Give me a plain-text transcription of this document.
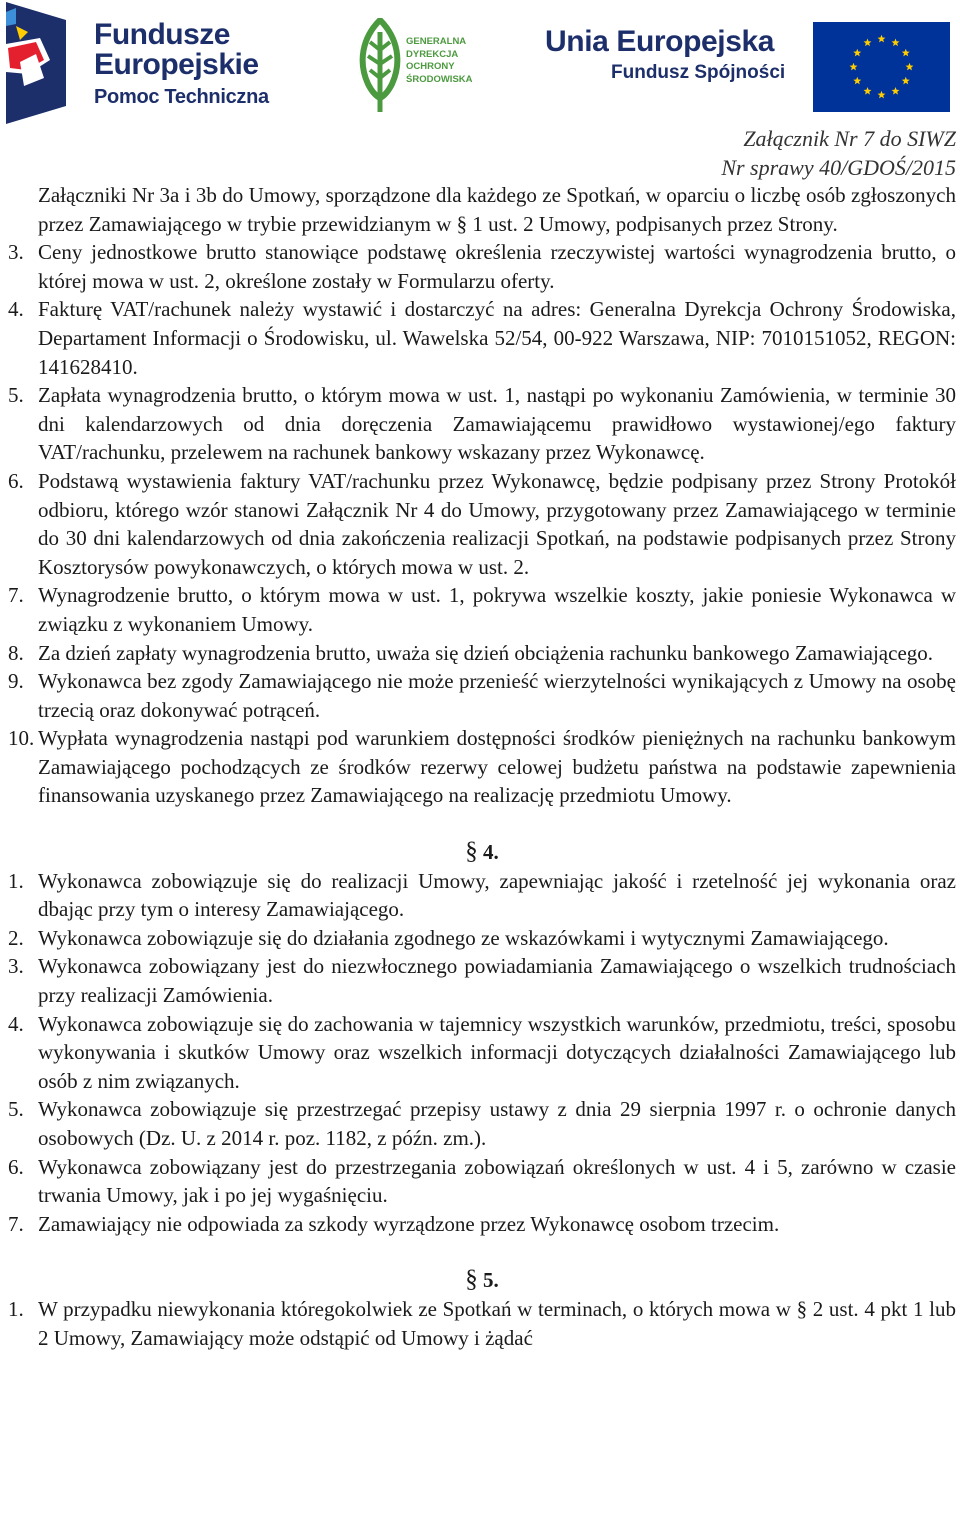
Fundusze
Europejskie
Pomoc Techniczna
GENERALNA
DYREKCJA
OCHRONY
ŚRODOWISKA
Unia Europejska
Fundusz Spójności
Załącznik Nr 7 do SIWZ
Nr sprawy 40/GDOŚ/2015
Załączniki Nr 3a i 3b do Umowy, sporządzone dla każdego ze Spotkań, w oparciu o liczbę osób zgłoszonych przez Zamawiającego w trybie przewidzianym w § 1 ust. 2 Umowy, podpisanych przez Strony.
3. Ceny jednostkowe brutto stanowiące podstawę określenia rzeczywistej wartości wynagrodzenia brutto, o której mowa w ust. 2, określone zostały w Formularzu oferty.
4. Fakturę VAT/rachunek należy wystawić i dostarczyć na adres: Generalna Dyrekcja Ochrony Środowiska, Departament Informacji o Środowisku, ul. Wawelska 52/54, 00-922 Warszawa, NIP: 7010151052, REGON: 141628410.
5. Zapłata wynagrodzenia brutto, o którym mowa w ust. 1, nastąpi po wykonaniu Zamówienia, w terminie 30 dni kalendarzowych od dnia doręczenia Zamawiającemu prawidłowo wystawionej/ego faktury VAT/rachunku, przelewem na rachunek bankowy wskazany przez Wykonawcę.
6. Podstawą wystawienia faktury VAT/rachunku przez Wykonawcę, będzie podpisany przez Strony Protokół odbioru, którego wzór stanowi Załącznik Nr 4 do Umowy, przygotowany przez Zamawiającego w terminie do 30 dni kalendarzowych od dnia zakończenia realizacji Spotkań, na podstawie podpisanych przez Strony Kosztorysów powykonawczych, o których mowa w ust. 2.
7. Wynagrodzenie brutto, o którym mowa w ust. 1, pokrywa wszelkie koszty, jakie poniesie Wykonawca w związku z wykonaniem Umowy.
8. Za dzień zapłaty wynagrodzenia brutto, uważa się dzień obciążenia rachunku bankowego Zamawiającego.
9. Wykonawca bez zgody Zamawiającego nie może przenieść wierzytelności wynikających z Umowy na osobę trzecią oraz dokonywać potrąceń.
10. Wypłata wynagrodzenia nastąpi pod warunkiem dostępności środków pieniężnych na rachunku bankowym Zamawiającego pochodzących ze środków rezerwy celowej budżetu państwa na podstawie zapewnienia finansowania uzyskanego przez Zamawiającego na realizację przedmiotu Umowy.
§ 4.
1. Wykonawca zobowiązuje się do realizacji Umowy, zapewniając jakość i rzetelność jej wykonania oraz dbając przy tym o interesy Zamawiającego.
2. Wykonawca zobowiązuje się do działania zgodnego ze wskazówkami i wytycznymi Zamawiającego.
3. Wykonawca zobowiązany jest do niezwłocznego powiadamiania Zamawiającego o wszelkich trudnościach przy realizacji Zamówienia.
4. Wykonawca zobowiązuje się do zachowania w tajemnicy wszystkich warunków, przedmiotu, treści, sposobu wykonywania i skutków Umowy oraz wszelkich informacji dotyczących działalności Zamawiającego lub osób z nim związanych.
5. Wykonawca zobowiązuje się przestrzegać przepisy ustawy z dnia 29 sierpnia 1997 r. o ochronie danych osobowych (Dz. U. z 2014 r. poz. 1182, z późn. zm.).
6. Wykonawca zobowiązany jest do przestrzegania zobowiązań określonych w ust. 4 i 5, zarówno w czasie trwania Umowy, jak i po jej wygaśnięciu.
7. Zamawiający nie odpowiada za szkody wyrządzone przez Wykonawcę osobom trzecim.
§ 5.
1. W przypadku niewykonania któregokolwiek ze Spotkań w terminach, o których mowa w § 2 ust. 4 pkt 1 lub 2 Umowy, Zamawiający może odstąpić od Umowy i żądać
